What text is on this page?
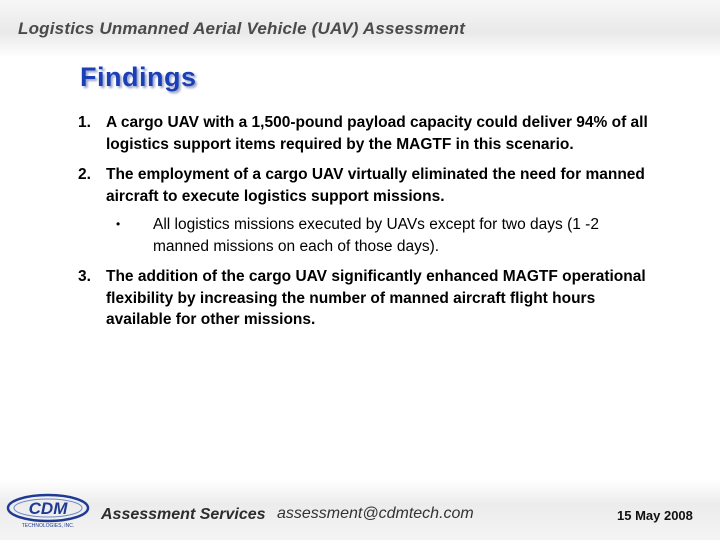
Logistics Unmanned Aerial Vehicle (UAV) Assessment
Findings
1. A cargo UAV with a 1,500-pound payload capacity could deliver 94% of all logistics support items required by the MAGTF in this scenario.
2. The employment of a cargo UAV virtually eliminated the need for manned aircraft to execute logistics support missions.
• All logistics missions executed by UAVs except for two days (1 -2 manned missions on each of those days).
3. The addition of the cargo UAV significantly enhanced MAGTF operational flexibility by increasing the number of manned aircraft flight hours available for other missions.
CDM
TECHNOLOGIES, INC.
Assessment Services assessment@cdmtech.com	15 May 2008
